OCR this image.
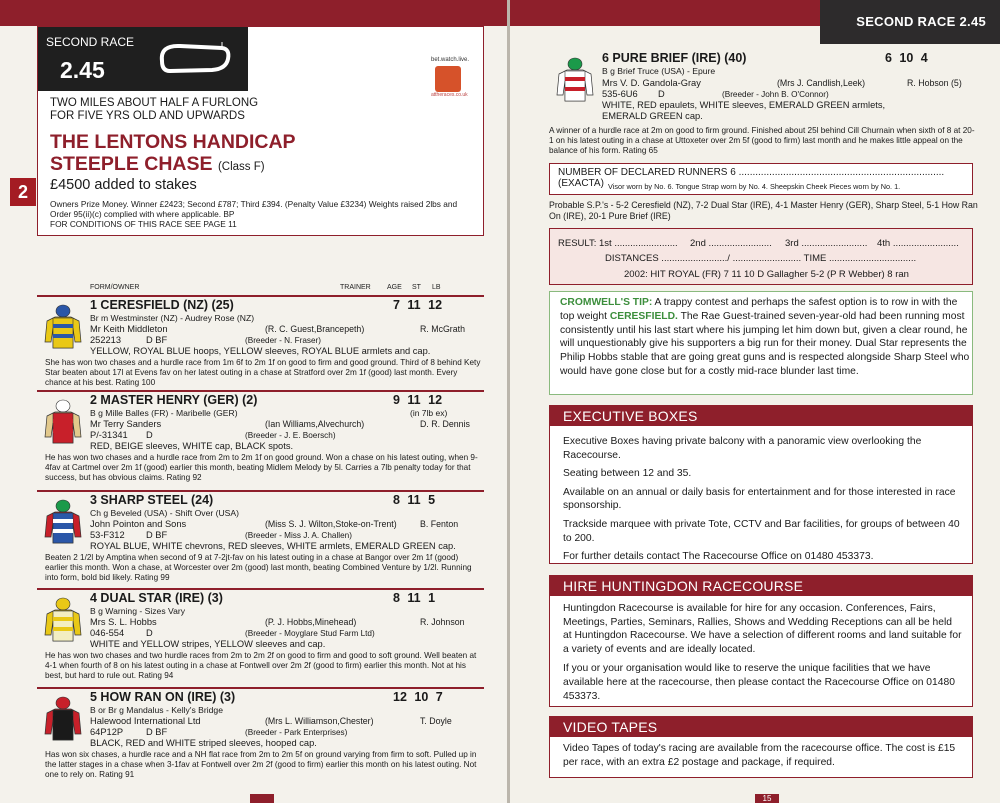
SECOND RACE
2.45	bet.watch.live.
attheraces.co.uk
TWO MILES ABOUT HALF A FURLONG
FOR FIVE YRS OLD AND UPWARDS
THE LENTONS HANDICAP
STEEPLE CHASE (Class F)
£4500 added to stakes
Owners Prize Money. Winner £2423; Second £787; Third £394. (Penalty Value £3234) Weights raised 2lbs and Order 95(ii)(c) complied with where applicable. BP
FOR CONDITIONS OF THIS RACE SEE PAGE 11
2
FORM/OWNER	TRAINER AGE ST LB
1 CERESFIELD (NZ) (25)	7 11 12
Br m Westminster (NZ) - Audrey Rose (NZ)
Mr Keith Middleton	(R. C. Guest,Brancepeth)	R. McGrath
252213	D BF	(Breeder - N. Fraser)
YELLOW, ROYAL BLUE hoops, YELLOW sleeves, ROYAL BLUE armlets and cap.
She has won two chases and a hurdle race from 1m 6f to 2m 1f on good to firm and good ground. Third of 8 behind Kety Star beaten about 17l at Evens fav on her latest outing in a chase at Stratford over 2m 1f (good) last month. Every chance at his best. Rating 100
2 MASTER HENRY (GER) (2)	9 11 12
(in 7lb ex)
B g Mille Balles (FR) - Maribelle (GER)
Mr Terry Sanders	(Ian Williams,Alvechurch)	D. R. Dennis
P/-31341 D	(Breeder - J. E. Boersch)
RED, BEIGE sleeves, WHITE cap, BLACK spots.
He has won two chases and a hurdle race from 2m to 2m 1f on good ground. Won a chase on his latest outing, when 9-4fav at Cartmel over 2m 1f (good) earlier this month, beating Midlem Melody by 5l. Carries a 7lb penalty today for that success, but has obvious claims. Rating 92
3 SHARP STEEL (24)	8 11 5
Ch g Beveled (USA) - Shift Over (USA)
John Pointon and Sons	(Miss S. J. Wilton,Stoke-on-Trent)	B. Fenton
53-F312 D BF	(Breeder - Miss J. A. Challen)
ROYAL BLUE, WHITE chevrons, RED sleeves, WHITE armlets, EMERALD GREEN cap.
Beaten 2 1/2l by Amptina when second of 9 at 7-2jt-fav on his latest outing in a chase at Bangor over 2m 1f (good) earlier this month. Won a chase, at Worcester over 2m (good) last month, beating Combined Venture by 1/2l. Running into form, bold bid likely. Rating 99
4 DUAL STAR (IRE) (3)	8 11 1
B g Warning - Sizes Vary
Mrs S. L. Hobbs	(P. J. Hobbs,Minehead)	R. Johnson
046-554 D	(Breeder - Moyglare Stud Farm Ltd)
WHITE and YELLOW stripes, YELLOW sleeves and cap.
He has won two chases and two hurdle races from 2m to 2m 2f on good to firm and good to soft ground. Well beaten at 4-1 when fourth of 8 on his latest outing in a chase at Fontwell over 2m 2f (good to firm) earlier this month. Not at his best, but hard to rule out. Rating 94
5 HOW RAN ON (IRE) (3)	12 10 7
B or Br g Mandalus - Kelly's Bridge
Halewood International Ltd	(Mrs L. Williamson,Chester)	T. Doyle
64P12P D BF	(Breeder - Park Enterprises)
BLACK, RED and WHITE striped sleeves, hooped cap.
Has won six chases, a hurdle race and a NH flat race from 2m to 2m 5f on ground varying from firm to soft. Pulled up in the latter stages in a chase when 3-1fav at Fontwell over 2m 2f (good to firm) earlier this month on his latest outing. Not one to rely on. Rating 91
SECOND RACE 2.45
6 PURE BRIEF (IRE) (40)	6 10 4
B g Brief Truce (USA) - Epure
Mrs V. D. Gandola-Gray	(Mrs J. Candlish,Leek)	R. Hobson (5)
535-6U6 D	(Breeder - John B. O'Connor)
WHITE, RED epaulets, WHITE sleeves, EMERALD GREEN armlets,
EMERALD GREEN cap.
A winner of a hurdle race at 2m on good to firm ground. Finished about 25l behind Cill Churnain when sixth of 8 at 20-1 on his latest outing in a chase at Uttoxeter over 2m 5f (good to firm) last month and he makes little appeal on the balance of his form. Rating 65
NUMBER OF DECLARED RUNNERS 6 ..........................................................................(EXACTA) Visor worn by No. 6. Tongue Strap worn by No. 4. Sheepskin Cheek Pieces worn by No. 1.
Probable S.P.'s - 5-2 Ceresfield (NZ), 7-2 Dual Star (IRE), 4-1 Master Henry (GER), Sharp Steel, 5-1 How Ran On (IRE), 20-1 Pure Brief (IRE)
RESULT: 1st ........................ 2nd ........................ 3rd ......................... 4th .........................
DISTANCES ........................./ .......................... TIME .................................
2002: HIT ROYAL (FR) 7 11 10 D Gallagher 5-2 (P R Webber) 8 ran

CROMWELL'S TIP: A trappy contest and perhaps the safest option is to row in with the top weight CERESFIELD. The Rae Guest-trained seven-year-old had been running most consistently until his last start where his jumping let him down but, given a clear round, he will unquestionably give his supporters a big run for their money. Dual Star represents the Philip Hobbs stable that are going great guns and is respected alongside Sharp Steel who would have gone close but for a costly mid-race blunder last time.

EXECUTIVE BOXES

Executive Boxes having private balcony with a panoramic view overlooking the Racecourse.

Seating between 12 and 35.

Available on an annual or daily basis for entertainment and for those interested in race sponsorship.

Trackside marquee with private Tote, CCTV and Bar facilities, for groups of between 40 to 200.

For further details contact The Racecourse Office on 01480 453373.

HIRE HUNTINGDON RACECOURSE

Huntingdon Racecourse is available for hire for any occasion. Conferences, Fairs, Meetings, Parties, Seminars, Rallies, Shows and Wedding Receptions can all be held at Huntingdon Racecourse. We have a selection of different rooms and land suitable for a variety of events and are ideally located.

If you or your organisation would like to reserve the unique facilities that we have available here at the racecourse, then please contact the Racecourse Office on 01480 453373.

VIDEO TAPES

Video Tapes of today's racing are available from the racecourse office. The cost is £15 per race, with an extra £2 postage and package, if required.

15
